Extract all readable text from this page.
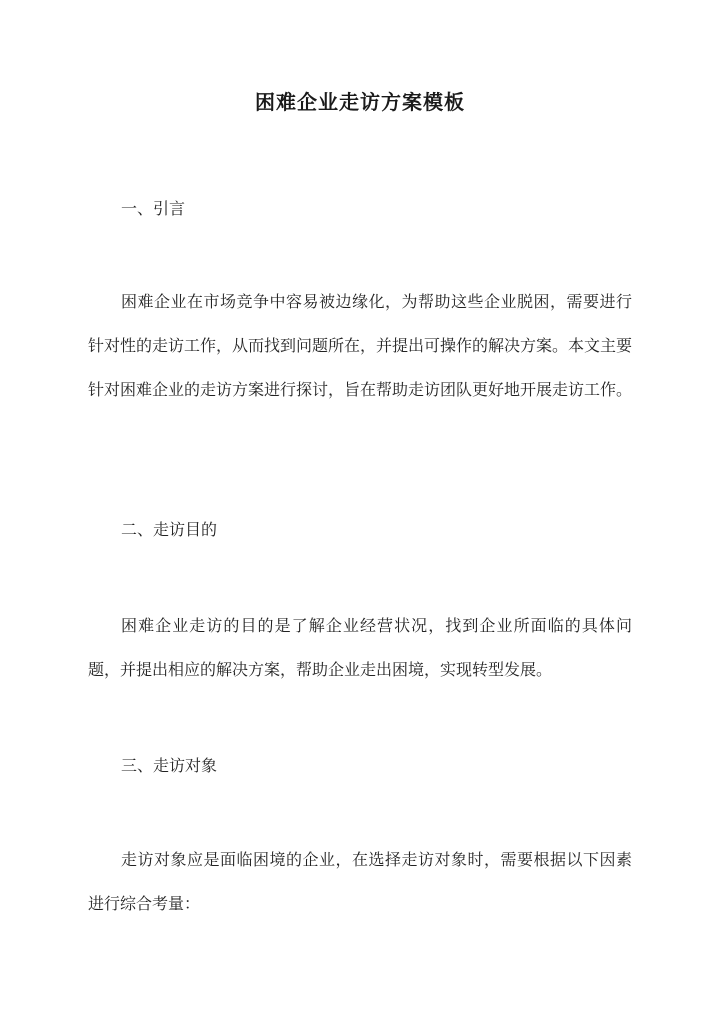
困难企业走访方案模板
一、引言
困难企业在市场竞争中容易被边缘化，为帮助这些企业脱困，需要进行针对性的走访工作，从而找到问题所在，并提出可操作的解决方案。本文主要针对困难企业的走访方案进行探讨，旨在帮助走访团队更好地开展走访工作。
二、走访目的
困难企业走访的目的是了解企业经营状况，找到企业所面临的具体问题，并提出相应的解决方案，帮助企业走出困境，实现转型发展。
三、走访对象
走访对象应是面临困境的企业，在选择走访对象时，需要根据以下因素进行综合考量：
